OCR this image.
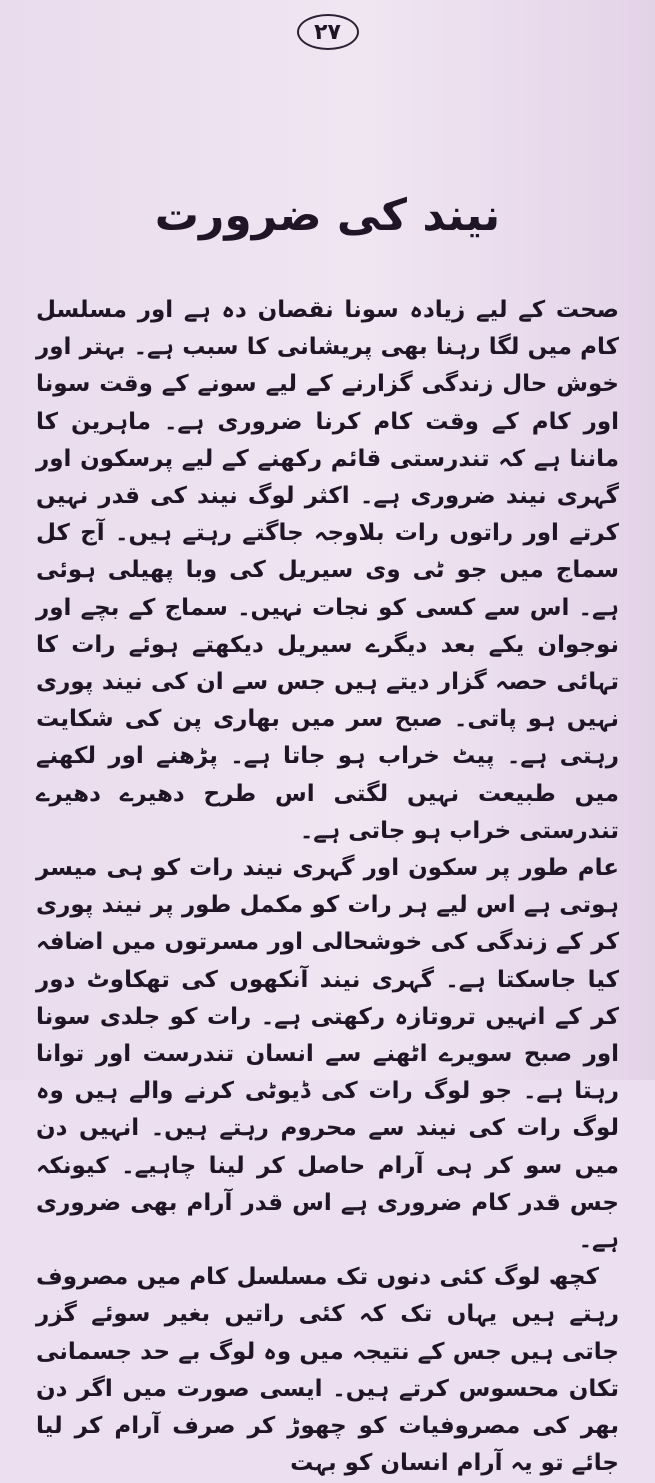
۲۷
نیند کی ضرورت

صحت کے لیے زیادہ سونا نقصان دہ ہے اور مسلسل کام میں لگا رہنا بھی پریشانی کا سبب ہے۔ بہتر اور خوش حال زندگی گزارنے کے لیے سونے کے وقت سونا اور کام کے وقت کام کرنا ضروری ہے۔ ماہرین کا ماننا ہے کہ تندرستی قائم رکھنے کے لیے پرسکون اور گہری نیند ضروری ہے۔ اکثر لوگ نیند کی قدر نہیں کرتے اور راتوں رات بلاوجہ جاگتے رہتے ہیں۔ آج کل سماج میں جو ٹی وی سیریل کی وبا پھیلی ہوئی ہے۔ اس سے کسی کو نجات نہیں۔ سماج کے بچے اور نوجوان یکے بعد دیگرے سیریل دیکھتے ہوئے رات کا تہائی حصہ گزار دیتے ہیں جس سے ان کی نیند پوری نہیں ہو پاتی۔ صبح سر میں بھاری پن کی شکایت رہتی ہے۔ پیٹ خراب ہو جاتا ہے۔ پڑھنے اور لکھنے میں طبیعت نہیں لگتی اس طرح دھیرے دھیرے تندرستی خراب ہو جاتی ہے۔

عام طور پر سکون اور گہری نیند رات کو ہی میسر ہوتی ہے اس لیے ہر رات کو مکمل طور پر نیند پوری کر کے زندگی کی خوشحالی اور مسرتوں میں اضافہ کیا جاسکتا ہے۔ گہری نیند آنکھوں کی تھکاوٹ دور کر کے انہیں تروتازہ رکھتی ہے۔ رات کو جلدی سونا اور صبح سویرے اٹھنے سے انسان تندرست اور توانا رہتا ہے۔ جو لوگ رات کی ڈیوٹی کرنے والے ہیں وہ لوگ رات کی نیند سے محروم رہتے ہیں۔ انہیں دن میں سو کر ہی آرام حاصل کر لینا چاہیے۔ کیونکہ جس قدر کام ضروری ہے اس قدر آرام بھی ضروری ہے۔

کچھ لوگ کئی دنوں تک مسلسل کام میں مصروف رہتے ہیں یہاں تک کہ کئی راتیں بغیر سوئے گزر جاتی ہیں جس کے نتیجہ میں وہ لوگ بے حد جسمانی تکان محسوس کرتے ہیں۔ ایسی صورت میں اگر دن بھر کی مصروفیات کو چھوڑ کر صرف آرام کر لیا جائے تو یہ آرام انسان کو بہت
